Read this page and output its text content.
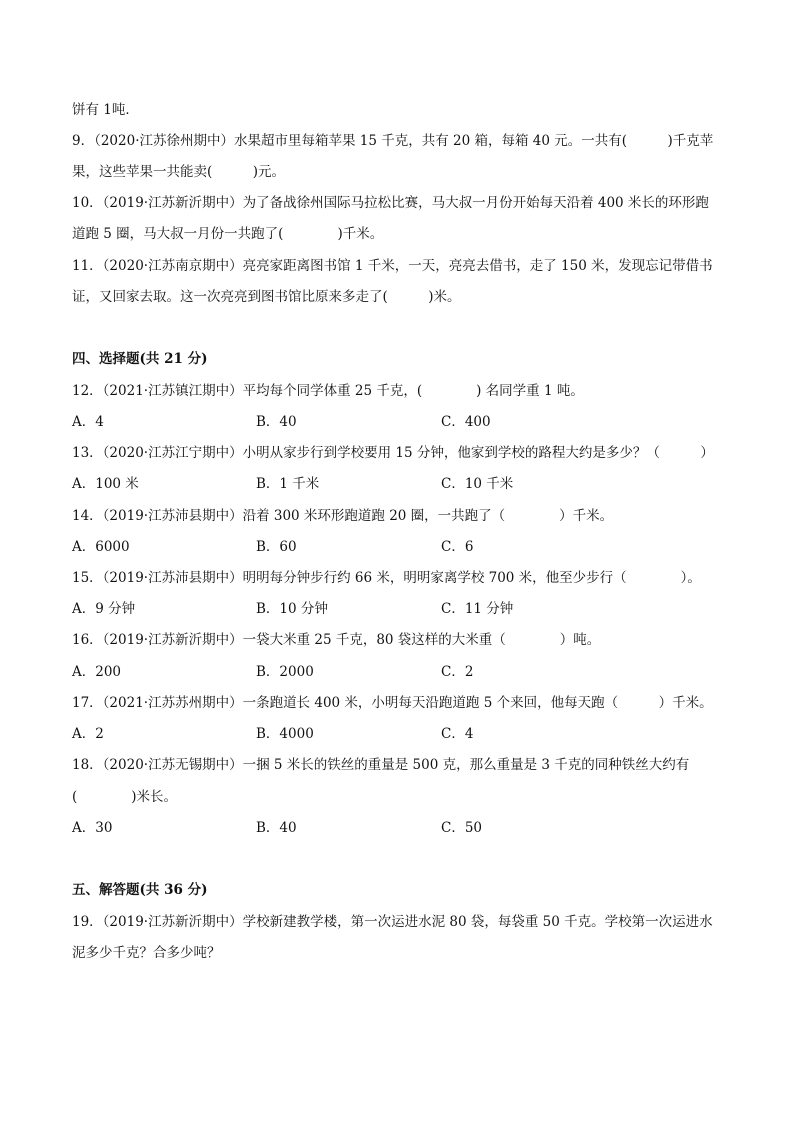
饼有 1吨．
9．（2020·江苏徐州期中）水果超市里每箱苹果 15 千克，共有 20 箱，每箱 40 元。一共有(　　　)千克苹
果，这些苹果一共能卖(　　　)元。
10．（2019·江苏新沂期中）为了备战徐州国际马拉松比赛，马大叔一月份开始每天沿着 400 米长的环形跑
道跑 5 圈，马大叔一月份一共跑了(　　　　)千米。
11．（2020·江苏南京期中）亮亮家距离图书馆 1 千米，一天，亮亮去借书，走了 150 米，发现忘记带借书
证，又回家去取。这一次亮亮到图书馆比原来多走了(　　　)米。
四、选择题(共 21 分)
12．（2021·江苏镇江期中）平均每个同学体重 25 千克，(　　　　) 名同学重 1 吨。
A．4	B．40	C．400
13．（2020·江苏江宁期中）小明从家步行到学校要用 15 分钟，他家到学校的路程大约是多少？（　　　）
A．100 米	B．1 千米	C．10 千米
14．（2019·江苏沛县期中）沿着 300 米环形跑道跑 20 圈，一共跑了（　　　　）千米。
A．6000	B．60	C．6
15．（2019·江苏沛县期中）明明每分钟步行约 66 米，明明家离学校 700 米，他至少步行（　　　　）。
A．9 分钟	B．10 分钟	C．11 分钟
16．（2019·江苏新沂期中）一袋大米重 25 千克，80 袋这样的大米重（　　　　）吨。
A．200	B．2000	C．2
17．（2021·江苏苏州期中）一条跑道长 400 米，小明每天沿跑道跑 5 个来回，他每天跑（　　　）千米。
A．2	B．4000	C．4
18．（2020·江苏无锡期中）一捆 5 米长的铁丝的重量是 500 克，那么重量是 3 千克的同种铁丝大约有
(　　　　)米长。
A．30	B．40	C．50
五、解答题(共 36 分)
19．（2019·江苏新沂期中）学校新建教学楼，第一次运进水泥 80 袋，每袋重 50 千克。学校第一次运进水
泥多少千克？合多少吨？
